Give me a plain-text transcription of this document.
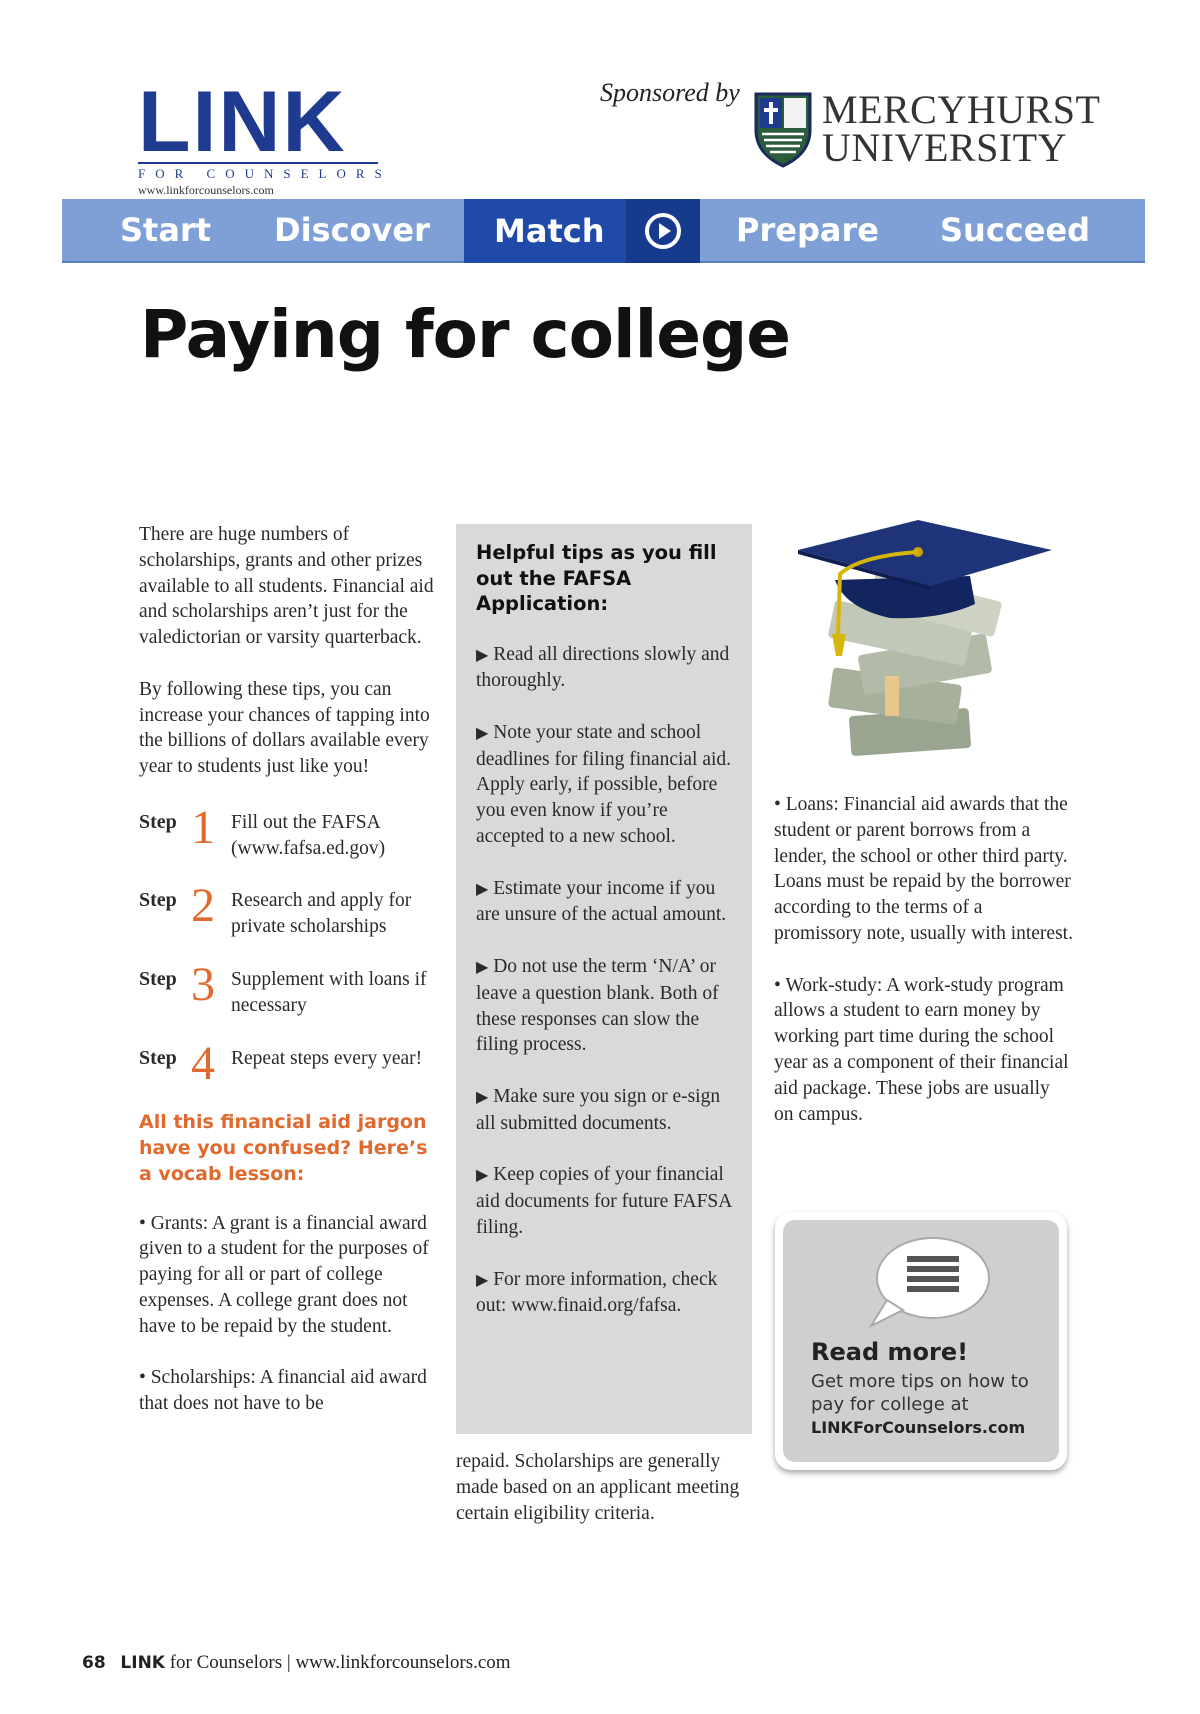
LINK
FOR COUNSELORS
www.linkforcounselors.com
Sponsored by MERCYHURST
UNIVERSITY
Start Discover	Match	Prepare Succeed
Paying for college

There are huge numbers of scholarships, grants and other prizes available to all students. Financial aid and scholarships aren’t just for the valedictorian or varsity quarterback.

By following these tips, you can increase your chances of tapping into the billions of dollars available every year to students just like you!

Step 1 Fill out the FAFSA (www.fafsa.ed.gov)
Step 2 Research and apply for private scholarships
Step 3 Supplement with loans if necessary
Step 4 Repeat steps every year!
All this financial aid jargon have you confused? Here’s a vocab lesson:

• Grants: A grant is a financial award given to a student for the purposes of paying for all or part of college expenses. A college grant does not have to be repaid by the student.

• Scholarships: A financial aid award that does not have to be

Helpful tips as you fill out the FAFSA Application:

▶ Read all directions slowly and thoroughly.

▶ Note your state and school deadlines for filing financial aid. Apply early, if possible, before you even know if you’re accepted to a new school.

▶ Estimate your income if you are unsure of the actual amount.

▶ Do not use the term ‘N/A’ or leave a question blank. Both of these responses can slow the filing process.

▶ Make sure you sign or e-sign all submitted documents.

▶ Keep copies of your financial aid documents for future FAFSA filing.

▶ For more information, check out: www.finaid.org/fafsa.

repaid. Scholarships are generally made based on an applicant meeting certain eligibility criteria.

• Loans: Financial aid awards that the student or parent borrows from a lender, the school or other third party. Loans must be repaid by the borrower according to the terms of a promissory note, usually with interest.

• Work-study: A work-study program allows a student to earn money by working part time during the school year as a component of their financial aid package. These jobs are usually on campus.

Read more!
Get more tips on how to pay for college at
LINKForCounselors.com
68 LINK for Counselors | www.linkforcounselors.com
